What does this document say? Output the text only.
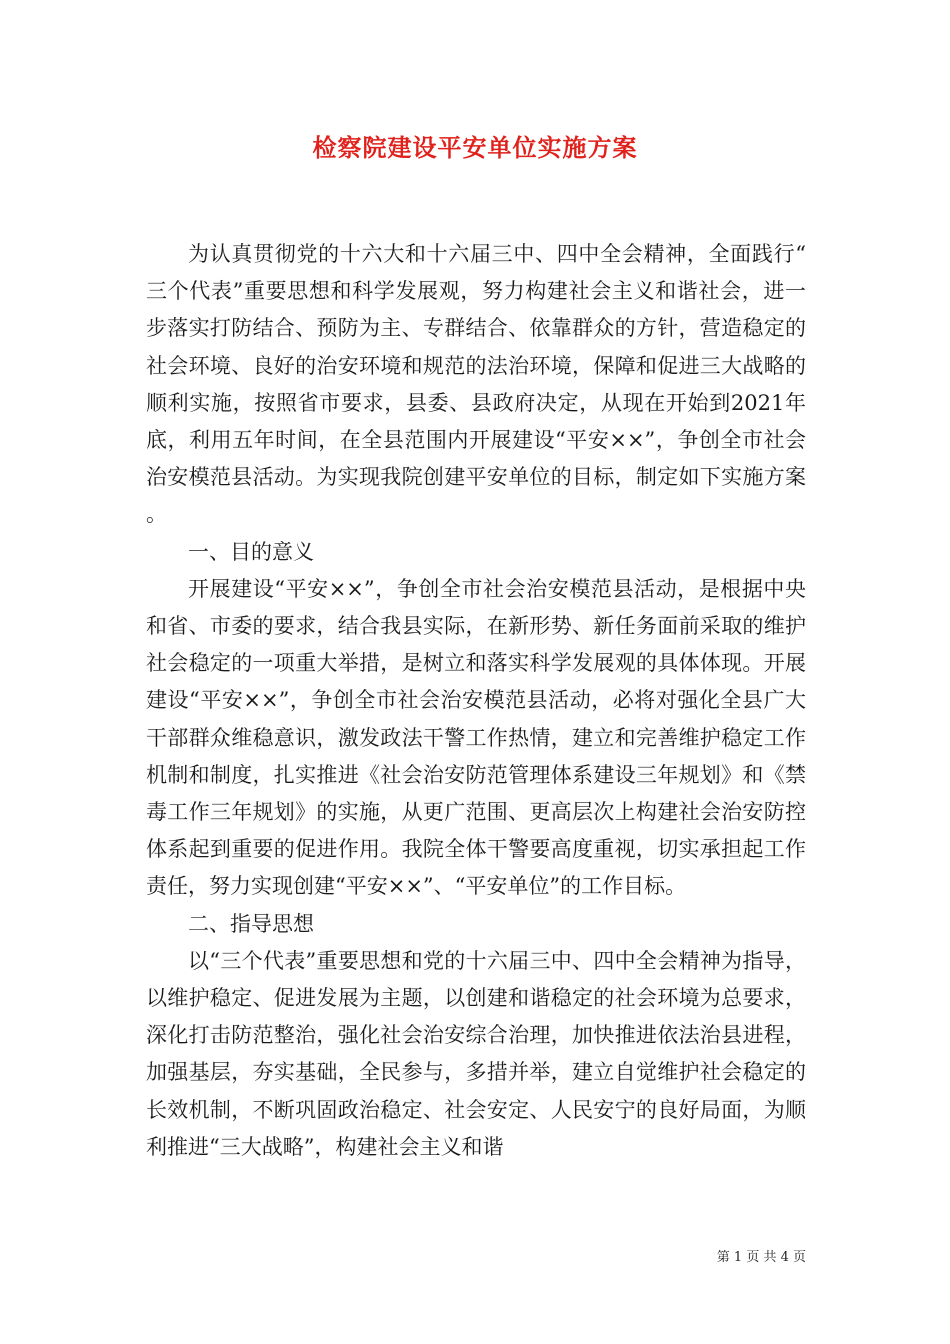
检察院建设平安单位实施方案

为认真贯彻党的十六大和十六届三中、四中全会精神，全面践行“三个代表”重要思想和科学发展观，努力构建社会主义和谐社会，进一步落实打防结合、预防为主、专群结合、依靠群众的方针，营造稳定的社会环境、良好的治安环境和规范的法治环境，保障和促进三大战略的顺利实施，按照省市要求，县委、县政府决定，从现在开始到2021年底，利用五年时间，在全县范围内开展建设“平安××”，争创全市社会治安模范县活动。为实现我院创建平安单位的目标，制定如下实施方案。

一、目的意义

开展建设“平安××”，争创全市社会治安模范县活动，是根据中央和省、市委的要求，结合我县实际，在新形势、新任务面前采取的维护社会稳定的一项重大举措，是树立和落实科学发展观的具体体现。开展建设“平安××”，争创全市社会治安模范县活动，必将对强化全县广大干部群众维稳意识，激发政法干警工作热情，建立和完善维护稳定工作机制和制度，扎实推进《社会治安防范管理体系建设三年规划》和《禁毒工作三年规划》的实施，从更广范围、更高层次上构建社会治安防控体系起到重要的促进作用。我院全体干警要高度重视，切实承担起工作责任，努力实现创建“平安××”、“平安单位”的工作目标。

二、指导思想

以“三个代表”重要思想和党的十六届三中、四中全会精神为指导，以维护稳定、促进发展为主题，以创建和谐稳定的社会环境为总要求，深化打击防范整治，强化社会治安综合治理，加快推进依法治县进程，加强基层，夯实基础，全民参与，多措并举，建立自觉维护社会稳定的长效机制，不断巩固政治稳定、社会安定、人民安宁的良好局面，为顺利推进“三大战略”，构建社会主义和谐

第 1 页 共 4 页
